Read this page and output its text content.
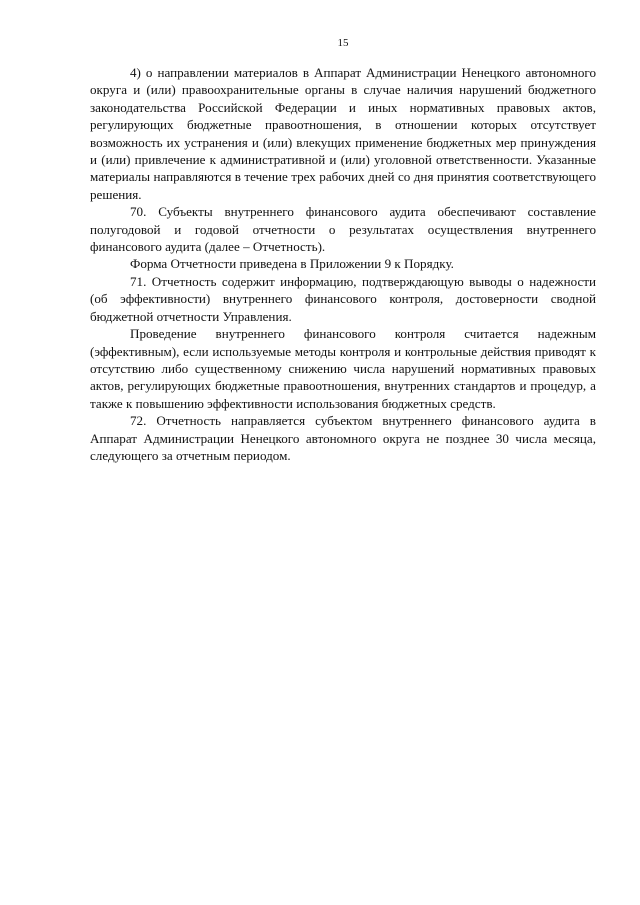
15

4) о направлении материалов в Аппарат Администрации Ненецкого автономного округа и (или) правоохранительные органы в случае наличия нарушений бюджетного законодательства Российской Федерации и иных нормативных правовых актов, регулирующих бюджетные правоотношения, в отношении которых отсутствует возможность их устранения и (или) влекущих применение бюджетных мер принуждения и (или) привлечение к административной и (или) уголовной ответственности. Указанные материалы направляются в течение трех рабочих дней со дня принятия соответствующего решения.

70. Субъекты внутреннего финансового аудита обеспечивают составление полугодовой и годовой отчетности о результатах осуществления внутреннего финансового аудита (далее – Отчетность).

Форма Отчетности приведена в Приложении 9 к Порядку.

71. Отчетность содержит информацию, подтверждающую выводы о надежности (об эффективности) внутреннего финансового контроля, достоверности сводной бюджетной отчетности Управления.

Проведение внутреннего финансового контроля считается надежным (эффективным), если используемые методы контроля и контрольные действия приводят к отсутствию либо существенному снижению числа нарушений нормативных правовых актов, регулирующих бюджетные правоотношения, внутренних стандартов и процедур, а также к повышению эффективности использования бюджетных средств.

72. Отчетность направляется субъектом внутреннего финансового аудита в Аппарат Администрации Ненецкого автономного округа не позднее 30 числа месяца, следующего за отчетным периодом.
